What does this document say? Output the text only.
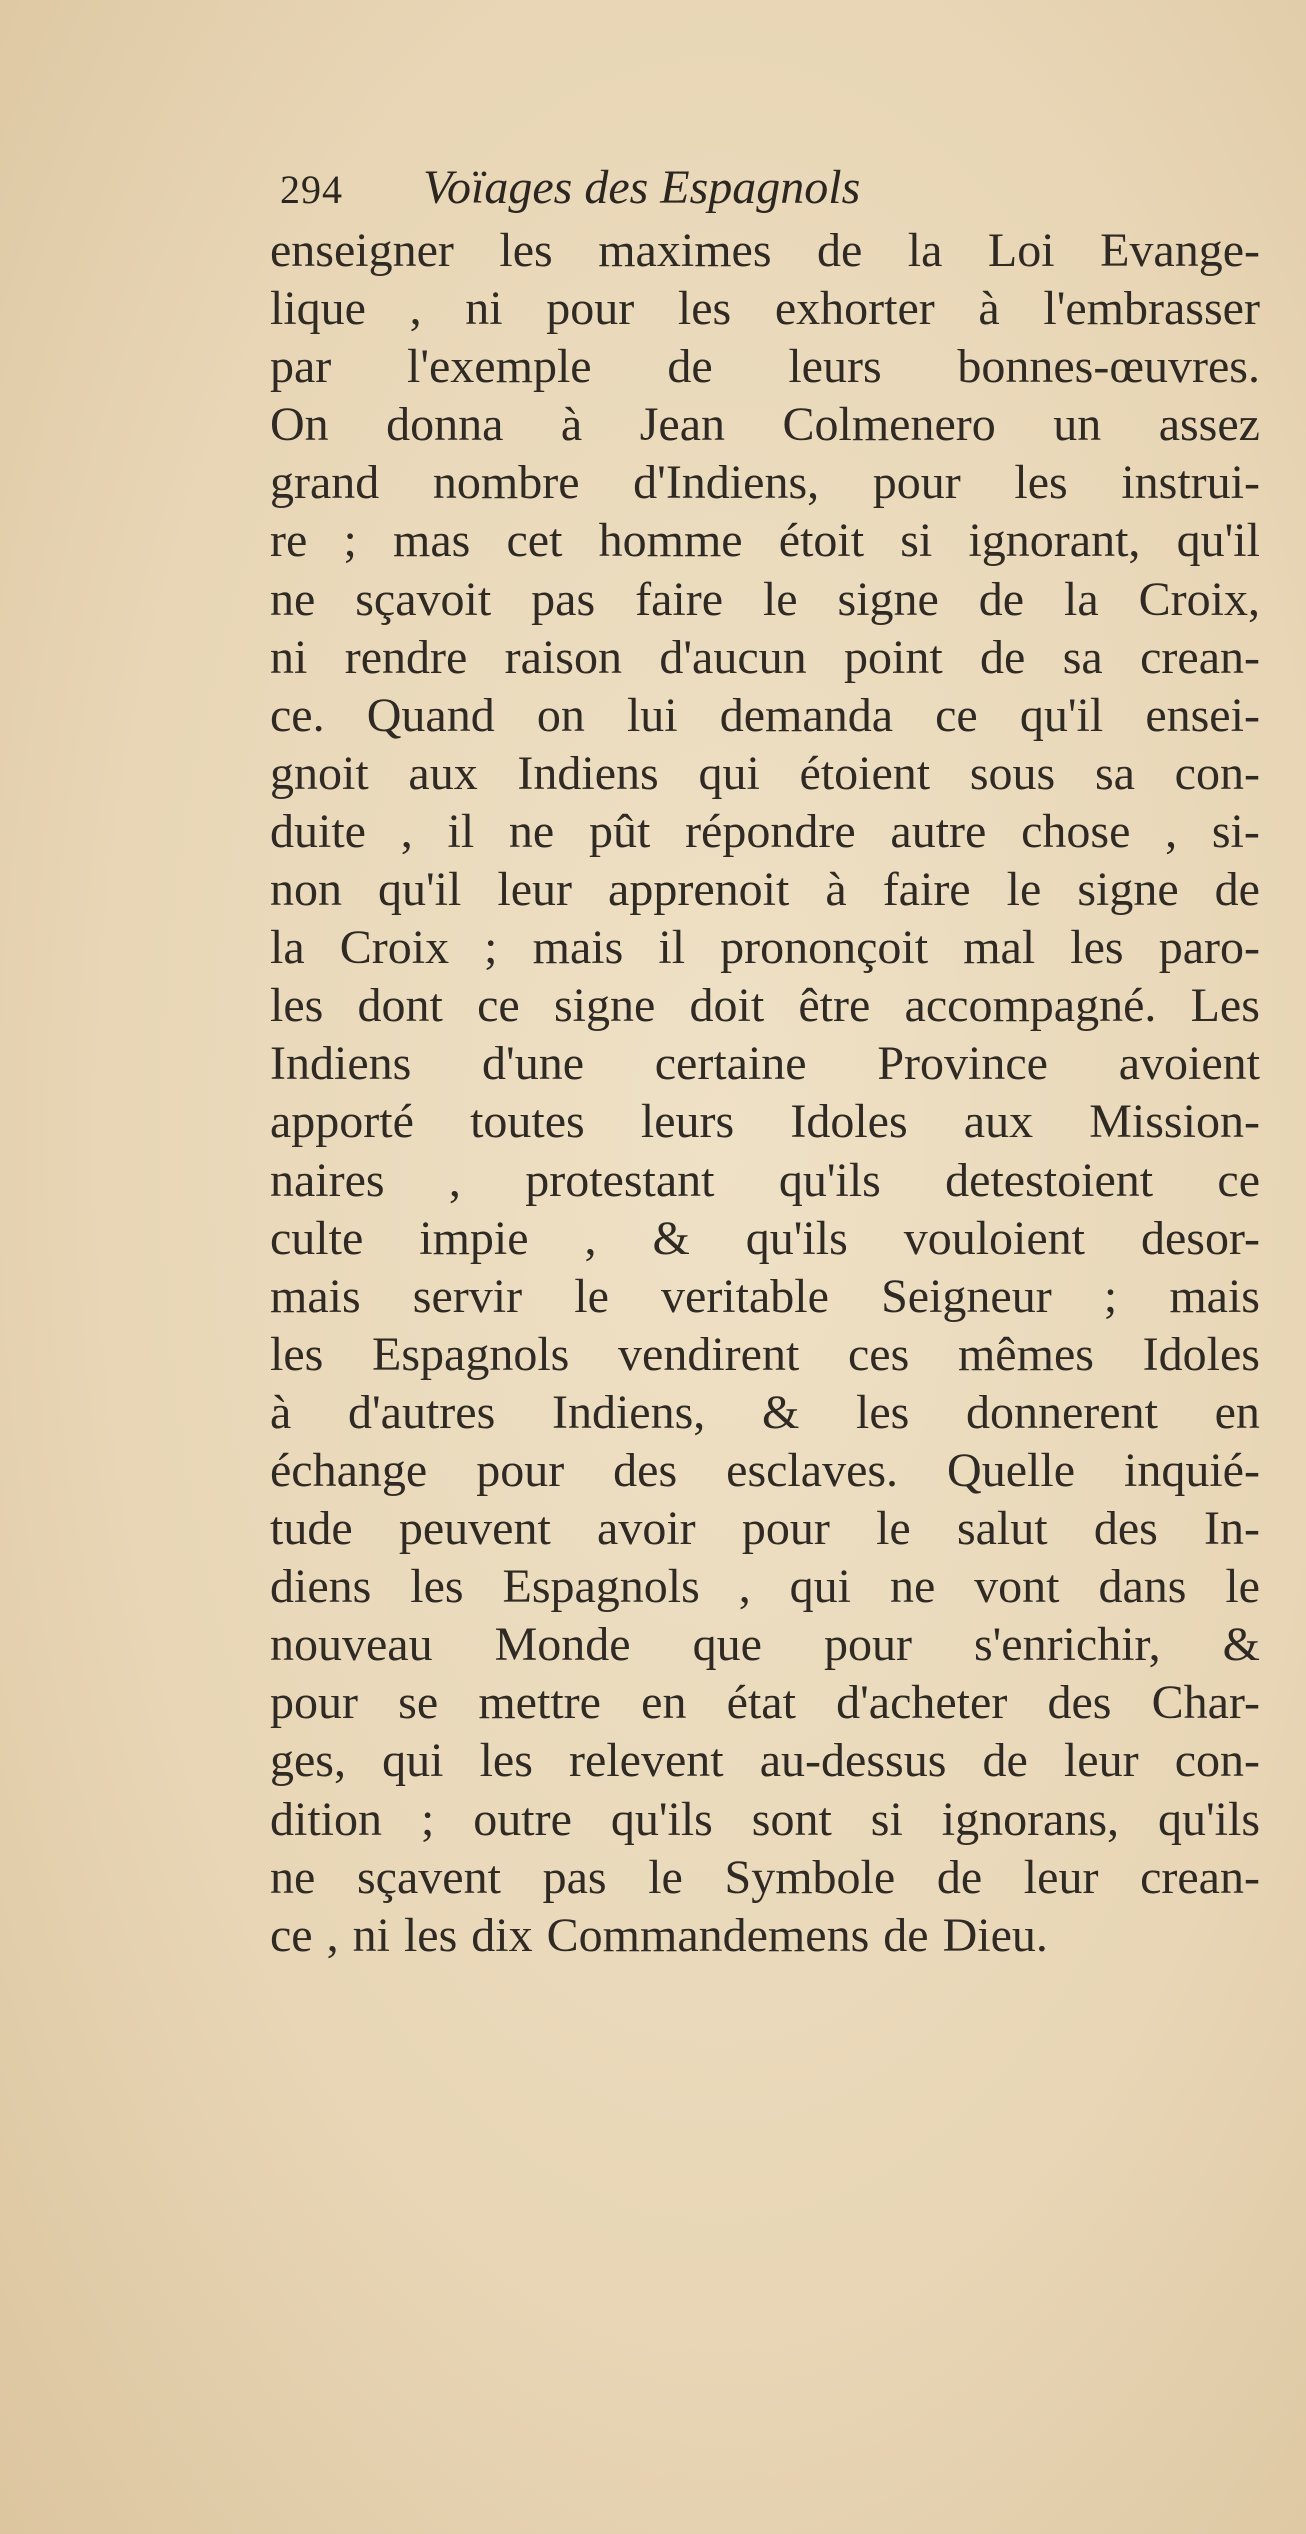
294 Voïages des Espagnols
enseigner les maximes de la Loi Evange-
lique , ni pour les exhorter à l'embrasser
par l'exemple de leurs bonnes-œuvres.
On donna à Jean Colmenero un assez
grand nombre d'Indiens, pour les instrui-
re ; mas cet homme étoit si ignorant, qu'il
ne sçavoit pas faire le signe de la Croix,
ni rendre raison d'aucun point de sa crean-
ce. Quand on lui demanda ce qu'il ensei-
gnoit aux Indiens qui étoient sous sa con-
duite , il ne pût répondre autre chose , si-
non qu'il leur apprenoit à faire le signe de
la Croix ; mais il prononçoit mal les paro-
les dont ce signe doit être accompagné. Les
Indiens d'une certaine Province avoient
apporté toutes leurs Idoles aux Mission-
naires , protestant qu'ils detestoient ce
culte impie , & qu'ils vouloient desor-
mais servir le veritable Seigneur ; mais
les Espagnols vendirent ces mêmes Idoles
à d'autres Indiens, & les donnerent en
échange pour des esclaves. Quelle inquié-
tude peuvent avoir pour le salut des In-
diens les Espagnols , qui ne vont dans le
nouveau Monde que pour s'enrichir, &
pour se mettre en état d'acheter des Char-
ges, qui les relevent au-dessus de leur con-
dition ; outre qu'ils sont si ignorans, qu'ils
ne sçavent pas le Symbole de leur crean-
ce , ni les dix Commandemens de Dieu.
